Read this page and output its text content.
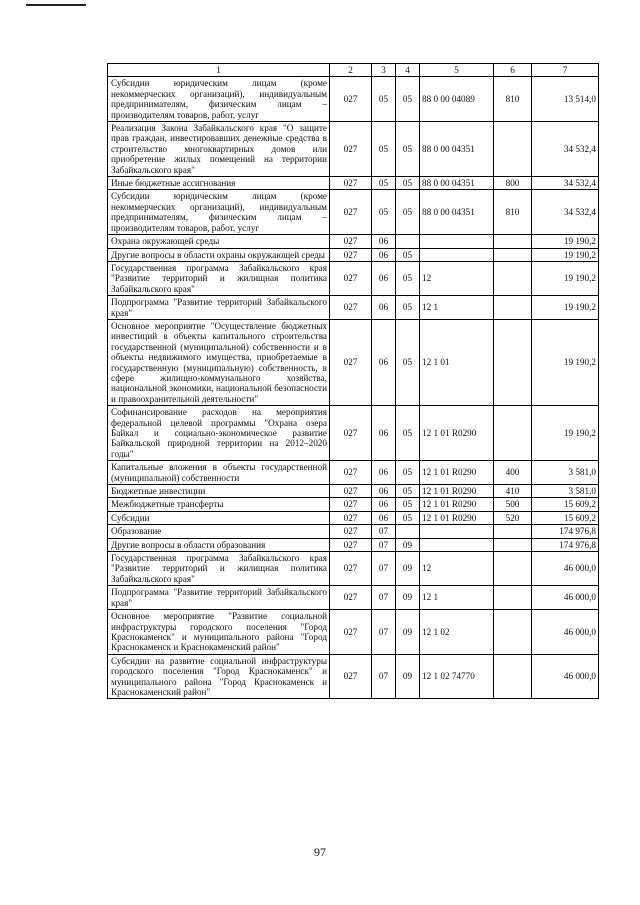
1	2	3	4	5	6	7
Субсидии юридическим лицам (кроме некоммерческих организаций), индивидуальным предпринимателям, физическим лицам – производителям товаров, работ, услуг	027	05	05	88 0 00 04089	810	13 514,0
Реализация Закона Забайкальского края "О защите прав граждан, инвестировавших денежные средства в строительство многоквартирных домов или приобретение жилых помещений на территории Забайкальского края"	027	05	05	88 0 00 04351		34 532,4
Иные бюджетные ассигнования	027	05	05	88 0 00 04351	800	34 532,4
Субсидии юридическим лицам (кроме некоммерческих организаций), индивидуальным предпринимателям, физическим лицам – производителям товаров, работ, услуг	027	05	05	88 0 00 04351	810	34 532,4
Охрана окружающей среды	027	06				19 190,2
Другие вопросы в области охраны окружающей среды	027	06	05			19 190,2
Государственная программа Забайкальского края "Развитие территорий и жилищная политика Забайкальского края"	027	06	05	12		19 190,2
Подпрограмма "Развитие территорий Забайкальского края"	027	06	05	12 1		19 190,2
Основное мероприятие "Осуществление бюджетных инвестиций в объекты капитального строительства государственной (муниципальной) собственности и в объекты недвижимого имущества, приобретаемые в государственную (муниципальную) собственность, в сфере жилищно-коммунального хозяйства, национальной экономики, национальной безопасности и правоохранительной деятельности"	027	06	05	12 1 01		19 190,2
Софинансирование расходов на мероприятия федеральной целевой программы "Охрана озера Байкал и социально-экономическое развитие Байкальской природной территории на 2012–2020 годы"	027	06	05	12 1 01 R0290		19 190,2
Капитальные вложения в объекты государственной (муниципальной) собственности	027	06	05	12 1 01 R0290	400	3 581,0
Бюджетные инвестиции	027	06	05	12 1 01 R0290	410	3 581,0
Межбюджетные трансферты	027	06	05	12 1 01 R0290	500	15 609,2
Субсидии	027	06	05	12 1 01 R0290	520	15 609,2
Образование	027	07				174 976,8
Другие вопросы в области образования	027	07	09			174 976,8
Государственная программа Забайкальского края "Развитие территорий и жилищная политика Забайкальского края"	027	07	09	12		46 000,0
Подпрограмма "Развитие территорий Забайкальского края"	027	07	09	12 1		46 000,0
Основное мероприятие "Развитие социальной инфраструктуры городского поселения "Город Краснокаменск" и муниципального района "Город Краснокаменск и Краснокаменский район"	027	07	09	12 1 02		46 000,0
Субсидии на развитие социальной инфраструктуры городского поселения "Город Краснокаменск" и муниципального района "Город Краснокаменск и Краснокаменский район"	027	07	09	12 1 02 74770		46 000,0
97
